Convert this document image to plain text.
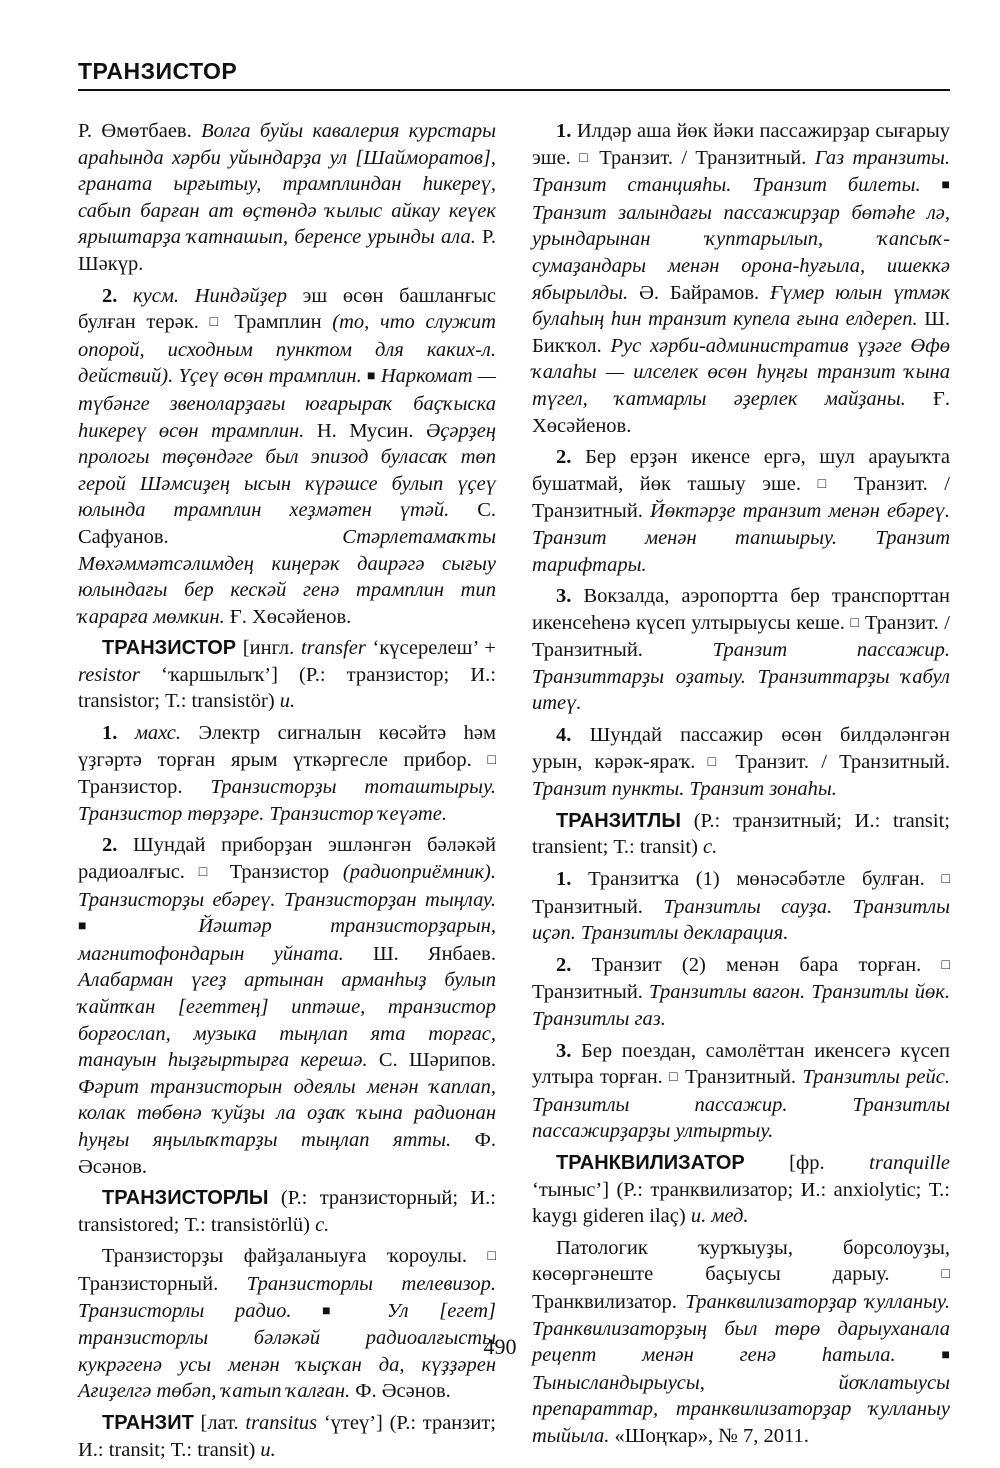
ТРАНЗИСТОР

Р. Өмөтбаев. Волга буйы кавалерия курстары араһында хәрби уйындарҙа ул [Шайморатов], граната ырғытыу, трамплиндан һикереү, сабып барған ат өҫтөндә ҡылыс айкау кеүек ярыштарҙа ҡатнашып, беренсе урынды ала. Р. Шәкүр.

2. кусм. Ниндәйҙер эш өсөн башланғыс булған терәк. □ Трамплин (то, что служит опорой, исходным пунктом для каких-л. действий). Үҫеү өсөн трамплин. ■ Наркомат — түбәнге звеноларҙағы юғарыраҡ баҫҡыска һикереү өсөн трамплин. Н. Мусин. Әҫәрҙең прологы төҫөндәге был эпизод буласаҡ төп герой Шәмсиҙең ысын күрәшсе булып үҫеү юлында трамплин хеҙмәтен үтәй. С. Сафуанов. Стәрлетамаҡты Мөхәммәтсәлимдең киңерәк даирәгә сығыу юлындағы бер кескәй генә трамплин тип ҡарарға мөмкин. Ғ. Хөсәйенов.

ТРАНЗИСТОР [ингл. transfer ‘күсерелеш’ + resistor ‘ҡаршылыҡ’] (Р.: транзистор; И.: transistor; Т.: transistör) и.

1. махс. Электр сигналын көсәйтә һәм үҙгәртә торған ярым үткәргесле прибор. □ Транзистор. Транзисторҙы тоташтырыу. Транзистор төрҙәре. Транзистор ҡеүәте.

2. Шундай приборҙан эшләнгән бәләкәй радиоалғыс. □ Транзистор (радиоприёмник). Транзисторҙы ебәреү. Транзисторҙан тыңлау. ■	Йәштәр транзисторҙарын, магнитофондарын уйната. Ш. Янбаев. Алабарман үгеҙ артынан арманһыҙ булып ҡайтҡан [егеттең] иптәше, транзистор борғослап, музыка тыңлап ята торғас, танауын һыҙғыртырға керешә. С. Шәрипов. Фәрит транзисторын одеялы менән ҡаплап, колак төбөнә ҡуйҙы ла оҙаҡ ҡына радионан һуңғы яңылыҡтарҙы тыңлап ятты. Ф. Әсәнов.

ТРАНЗИСТОРЛЫ (Р.: транзисторный; И.: transistored; Т.: transistörlü) с.

Транзисторҙы файҙаланыуға ҡороулы. □ Транзисторный. Транзисторлы телевизор. Транзисторлы радио. ■ Ул [егет] транзисторлы бәләкәй радиоалғысты кукрәгенә усы менән ҡыҫҡан да, күҙҙәрен Ағиҙелгә төбәп, ҡатып ҡалған. Ф. Әсәнов.

ТРАНЗИТ [лат. transitus ‘үтеү’] (Р.: транзит; И.: transit; Т.: transit) и.

1. Илдәр аша йөк йәки пассажирҙар сығарыу эше. □ Транзит. / Транзитный. Газ транзиты. Транзит станцияһы. Транзит билеты. ■ Транзит залындағы пассажирҙар бөтәһе лә, урындарынан ҡуптарылып, ҡапсыҡ-сумаҙандары менән орона-һуғыла, ишеккә ябырылды. Ә. Байрамов. Ғүмер юлын үтмәк булаһың һин транзит купела ғына елдереп. Ш. Бикҡол. Рус хәрби-административ үҙәге Өфө ҡалаһы — илселек өсөн һуңғы транзит ҡына түгел, ҡатмарлы әҙерлек майҙаны. Ғ. Хөсәйенов.

2. Бер ерҙән икенсе ергә, шул арауыҡта бушатмай, йөк ташыу эше. □ Транзит. / Транзитный. Йөктәрҙе транзит менән ебәреү. Транзит менән тапшырыу. Транзит тарифтары.

3. Вокзалда, аэропортта бер транспорттан икенсеһенә күсеп ултырыусы кеше. □ Транзит. / Транзитный. Транзит пассажир. Транзиттарҙы оҙатыу. Транзиттарҙы ҡабул итеү.

4. Шундай пассажир өсөн билдәләнгән урын, кәрәк-яраҡ. □ Транзит. / Транзитный. Транзит пункты. Транзит зонаһы.

ТРАНЗИТЛЫ (Р.: транзитный; И.: transit; transient; Т.: transit) с.

1. Транзитҡа (1) мөнәсәбәтле булған. □ Транзитный. Транзитлы сауҙа. Транзитлы иҫәп. Транзитлы декларация.

2. Транзит (2) менән бара торған. □ Транзитный. Транзитлы вагон. Транзитлы йөк. Транзитлы газ.

3. Бер поездан, самолёттан икенсегә күсеп ултыра торған. □ Транзитный. Транзитлы рейс. Транзитлы пассажир. Транзитлы пассажирҙарҙы ултыртыу.

ТРАНКВИЛИЗАТОР [фр. tranquille ‘тыныс’] (Р.: транквилизатор; И.: anxiolytic; Т.: kaygı gideren ilaç) и. мед.

Патологик ҡурҡыуҙы, борсолоуҙы, көсөргәнеште баҫыусы дарыу. □ Транквилизатор. Транквилизаторҙар ҡулланыу. Транквилизаторҙың был төрө дарыуханала рецепт менән генә һатыла.	■ Тынысландырыусы, йоҡлатыусы препараттар, транквилизаторҙар ҡулланыу тыйыла. «Шоңҡар», № 7, 2011.

490
